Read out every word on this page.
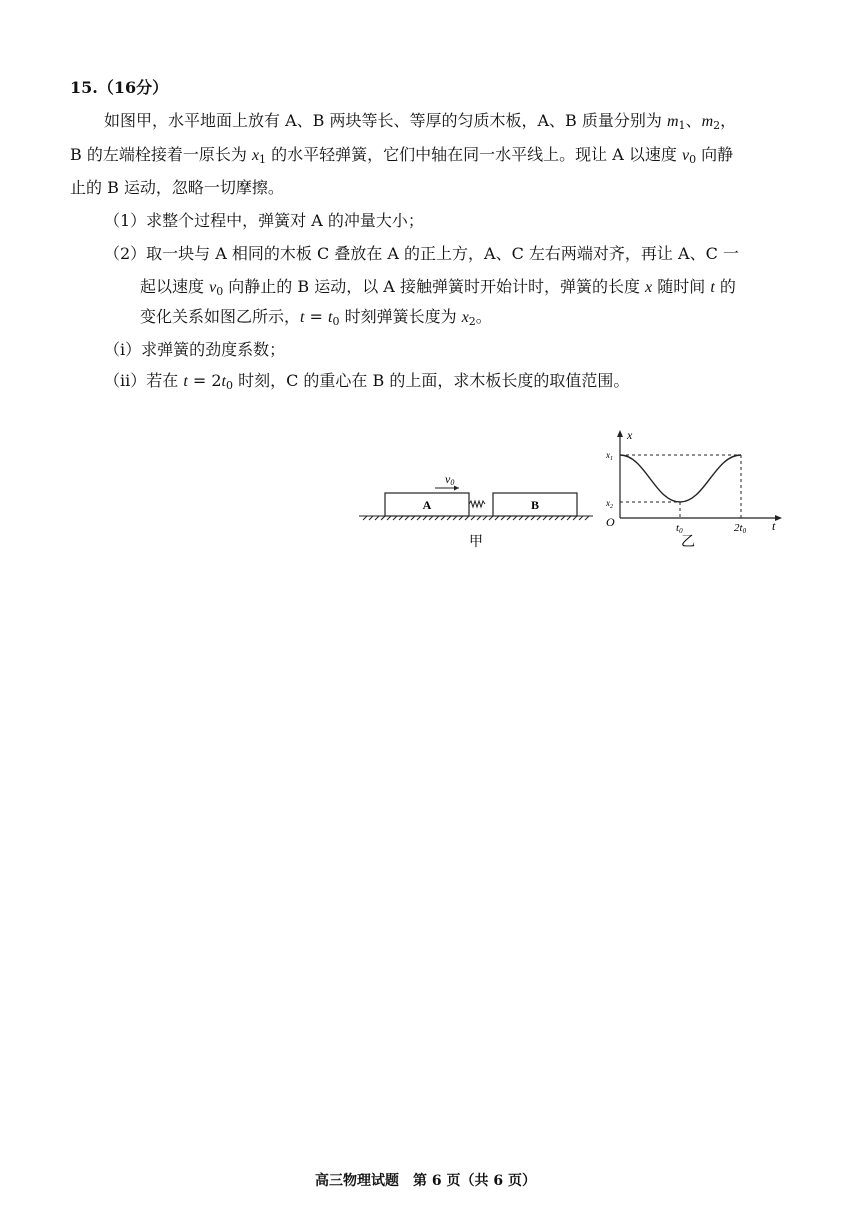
15.（16分）
如图甲，水平地面上放有 A、B 两块等长、等厚的匀质木板，A、B 质量分别为 $m_1$、$m_2$，
B 的左端栓接着一原长为 $x_1$ 的水平轻弹簧，它们中轴在同一水平线上。现让 A 以速度 $v_0$ 向静
止的 B 运动，忽略一切摩擦。
（1）求整个过程中，弹簧对 A 的冲量大小；
（2）取一块与 A 相同的木板 C 叠放在 A 的正上方，A、C 左右两端对齐，再让 A、C 一
起以速度 $v_0$ 向静止的 B 运动，以 A 接触弹簧时开始计时，弹簧的长度 x 随时间 t 的
变化关系如图乙所示，$t = t_0$ 时刻弹簧长度为 $x_2$。
（i）求弹簧的劲度系数；
（ii）若在 $t = 2t_0$ 时刻，C 的重心在 B 的上面，求木板长度的取值范围。
A	B
v0
甲
x
t
O
$x_1$
$x_2$
t0	2t0
乙
高三物理试题　第 6 页（共 6 页）
